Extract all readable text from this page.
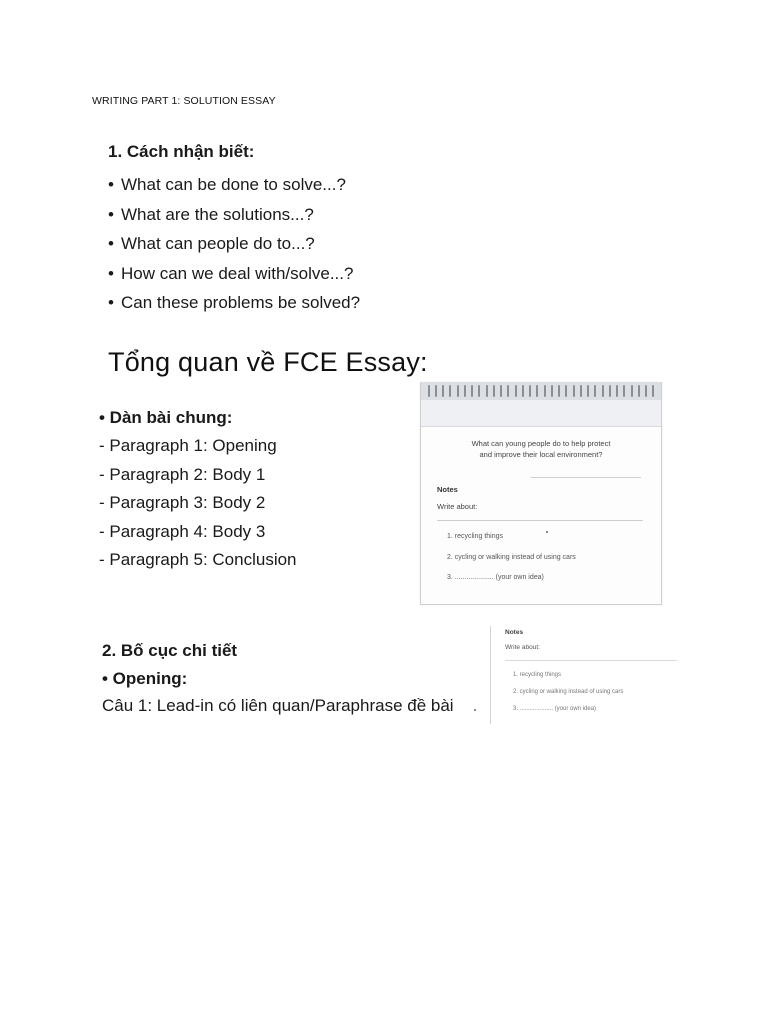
WRITING PART 1: SOLUTION ESSAY
1. Cách nhận biết:
• What can be done to solve...?
• What are the solutions...?
• What can people do to...?
• How can we deal with/solve...?
• Can these problems be solved?
Tổng quan về FCE Essay:
• Dàn bài chung:
- Paragraph 1: Opening
- Paragraph 2: Body 1
- Paragraph 3: Body 2
- Paragraph 4: Body 3
- Paragraph 5: Conclusion
What can young people do to help protect
and improve their local environment?
Notes
Write about:
1. recycling things
2. cycling or walking instead of using cars
3. .................... (your own idea)
Notes
Write about:
1. recycling things
2. cycling or walking instead of using cars
3. .................... (your own idea)
2. Bố cục chi tiết
• Opening:
Câu 1: Lead-in có liên quan/Paraphrase đề bài
